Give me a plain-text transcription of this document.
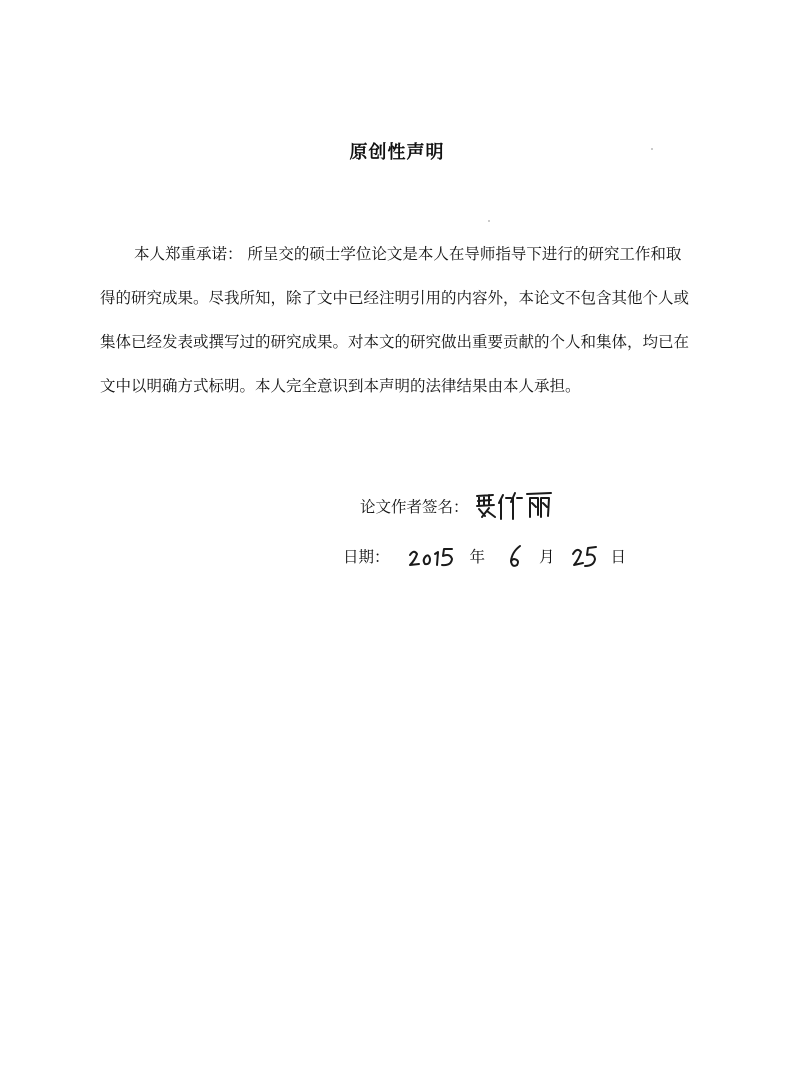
原创性声明
本人郑重承诺： 所呈交的硕士学位论文是本人在导师指导下进行的研究工作和取
得的研究成果。尽我所知，除了文中已经注明引用的内容外，本论文不包含其他个人或
集体已经发表或撰写过的研究成果。对本文的研究做出重要贡献的个人和集体，均已在
文中以明确方式标明。本人完全意识到本声明的法律结果由本人承担。
论文作者签名：
日期：	年	月	日
